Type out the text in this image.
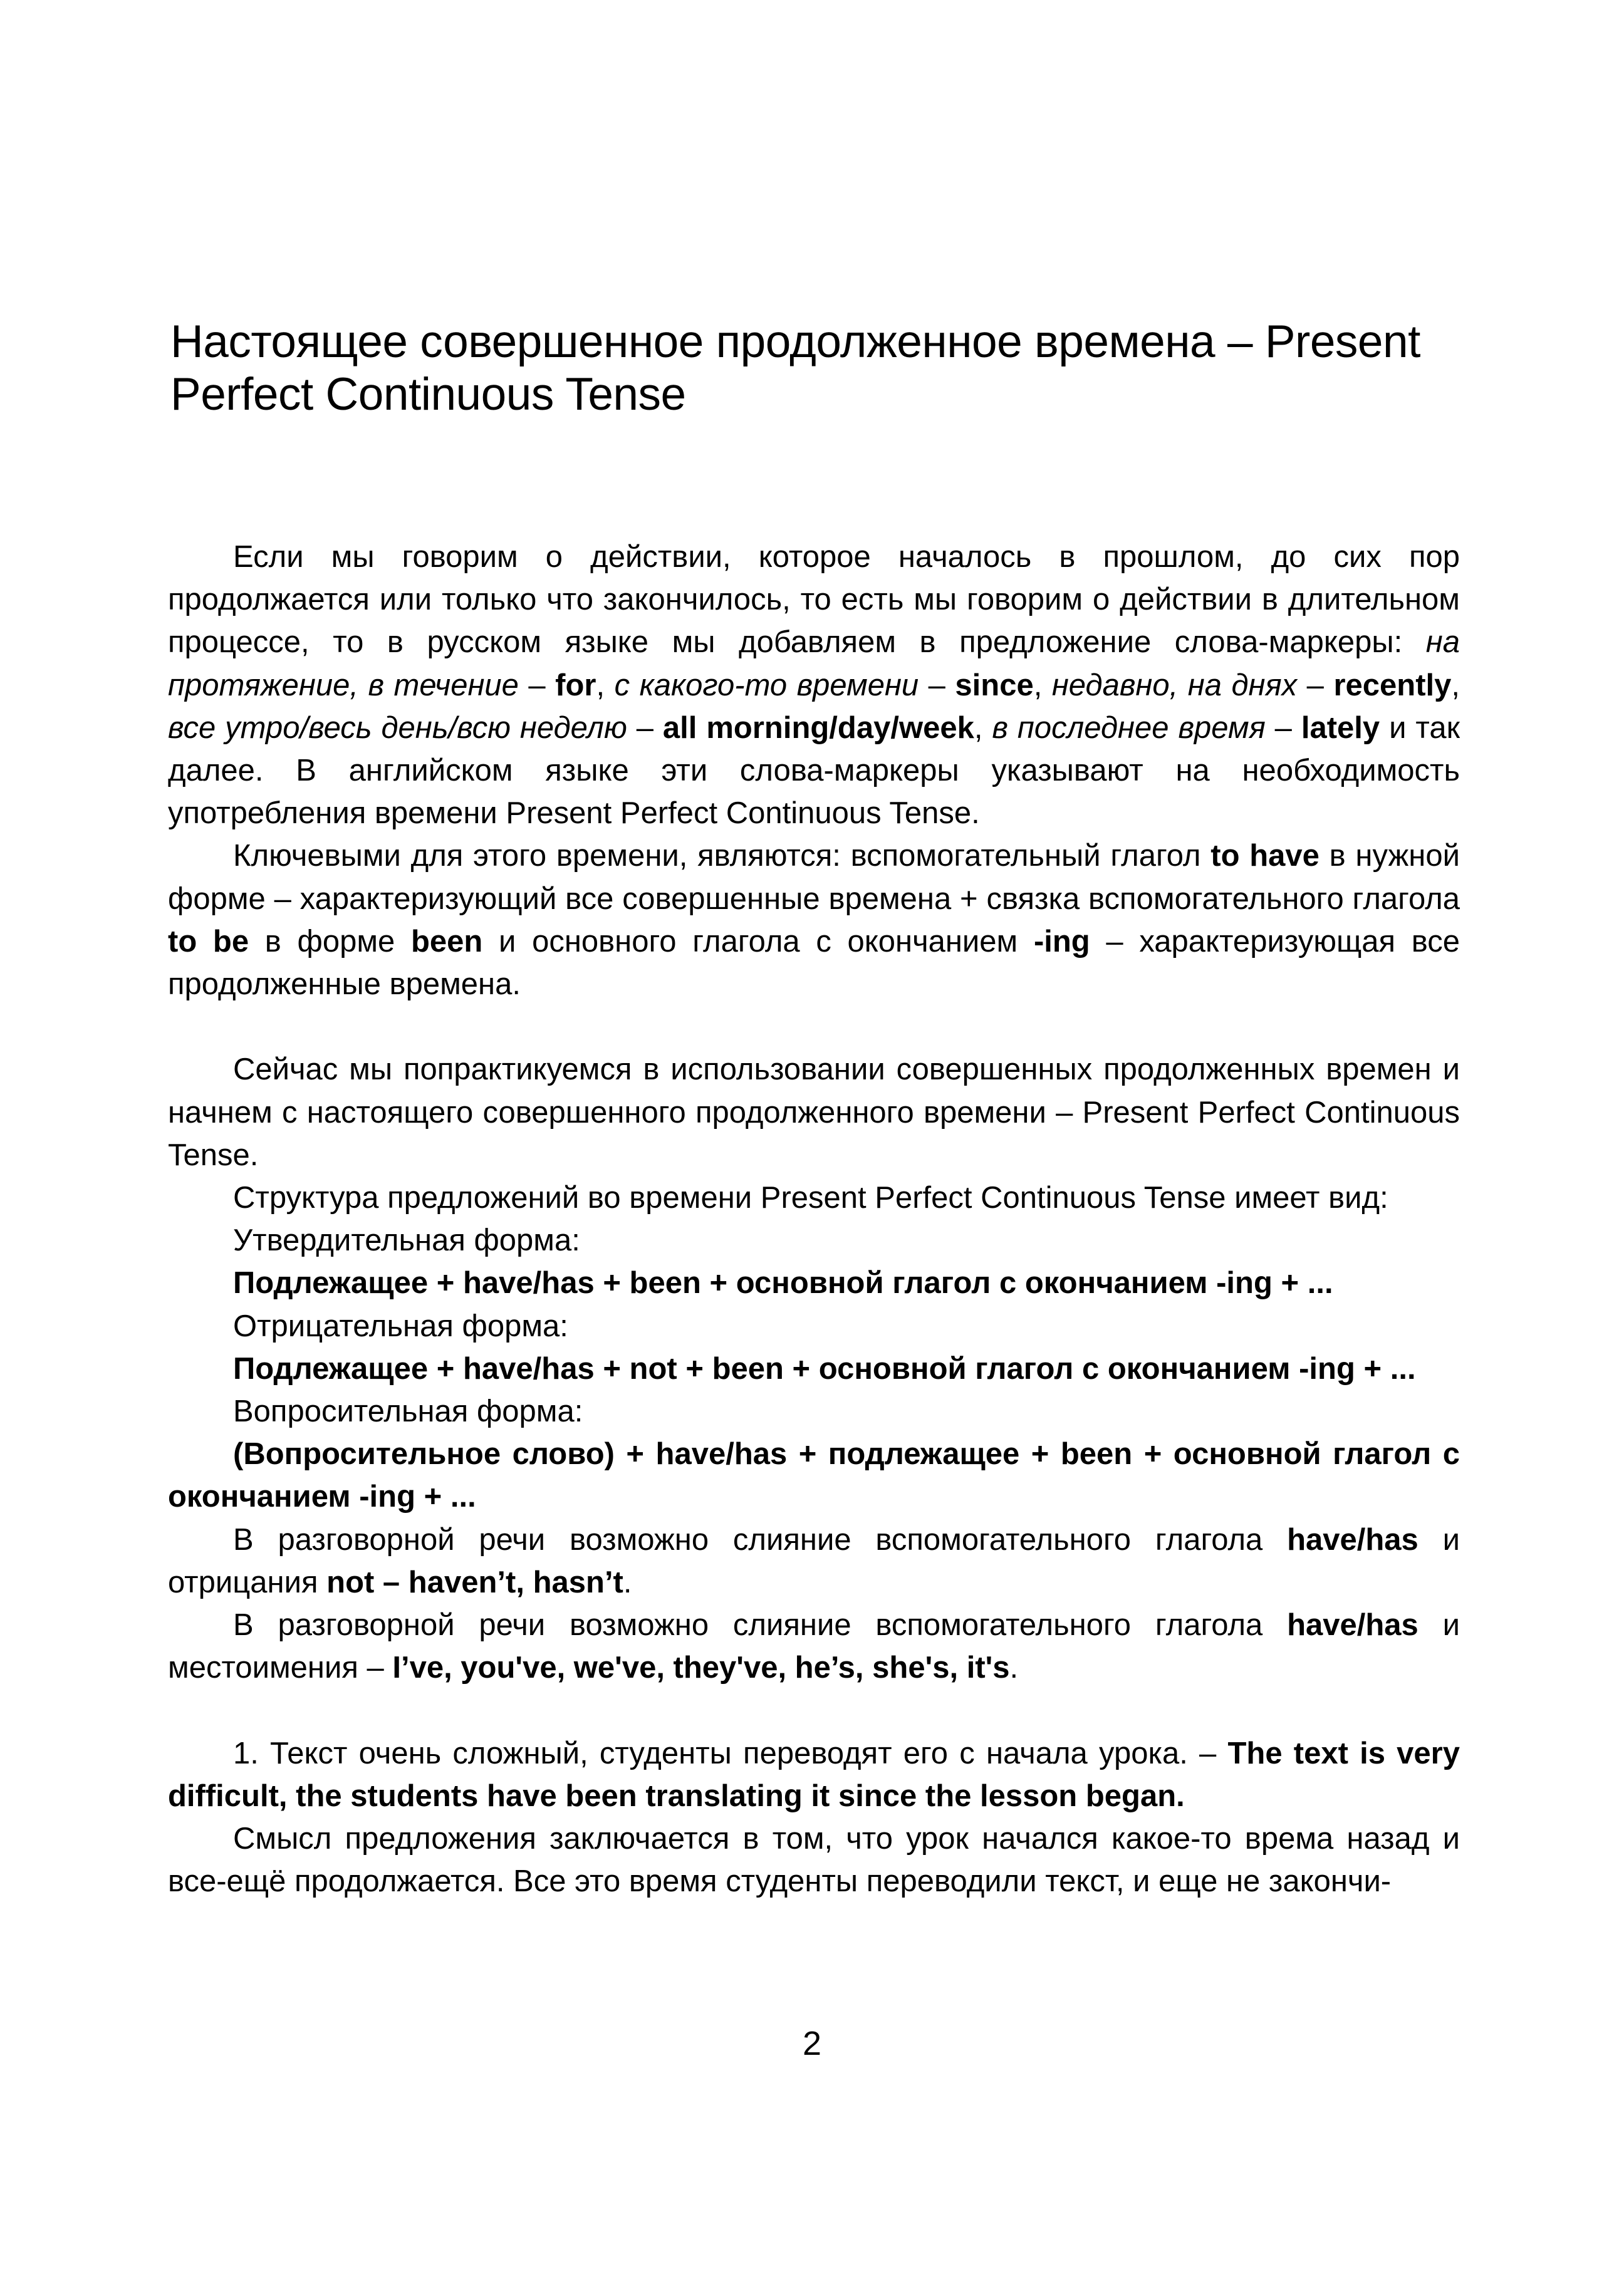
Настоящее совершенное продолженное времена – Present Perfect Continuous Tense

Если мы говорим о действии, которое началось в прошлом, до сих пор продолжается или только что закончилось, то есть мы говорим о действии в длительном процессе, то в русском языке мы добавляем в предложение слова-маркеры: на протяжение, в течение – for, с какого-то времени – since, недавно, на днях – recently, все утро/весь день/всю неделю – all morning/day/week, в последнее время – lately и так далее. В английском языке эти слова-маркеры указывают на необходимость употребления времени Present Perfect Continuous Tense.

Ключевыми для этого времени, являются: вспомогательный глагол to have в нужной форме – характеризующий все совершенные времена + связка вспомогательного глагола to be в форме been и основного глагола с окончанием -ing – характеризующая все продолженные времена.

Сейчас мы попрактикуемся в использовании совершенных продолженных времен и начнем с настоящего совершенного продолженного времени – Present Perfect Continuous Tense.

Структура предложений во времени Present Perfect Continuous Tense имеет вид:

Утвердительная форма:

Подлежащее + have/has + been + основной глагол с окончанием -ing + ...

Отрицательная форма:

Подлежащее + have/has + not + been + основной глагол с окончанием -ing + ...

Вопросительная форма:

(Вопросительное слово) + have/has + подлежащее + been + основной глагол с окончанием -ing + ...

В разговорной речи возможно слияние вспомогательного глагола have/has и отрицания not – haven’t, hasn’t.

В разговорной речи возможно слияние вспомогательного глагола have/has и местоимения – I’ve, you've, we've, they've, he’s, she's, it's.

1. Текст очень сложный, студенты переводят его с начала урока. – The text is very difficult, the students have been translating it since the lesson began.

Смысл предложения заключается в том, что урок начался какое-то врема назад и все-ещё продолжается. Все это время студенты переводили текст, и еще не закончи-

2
